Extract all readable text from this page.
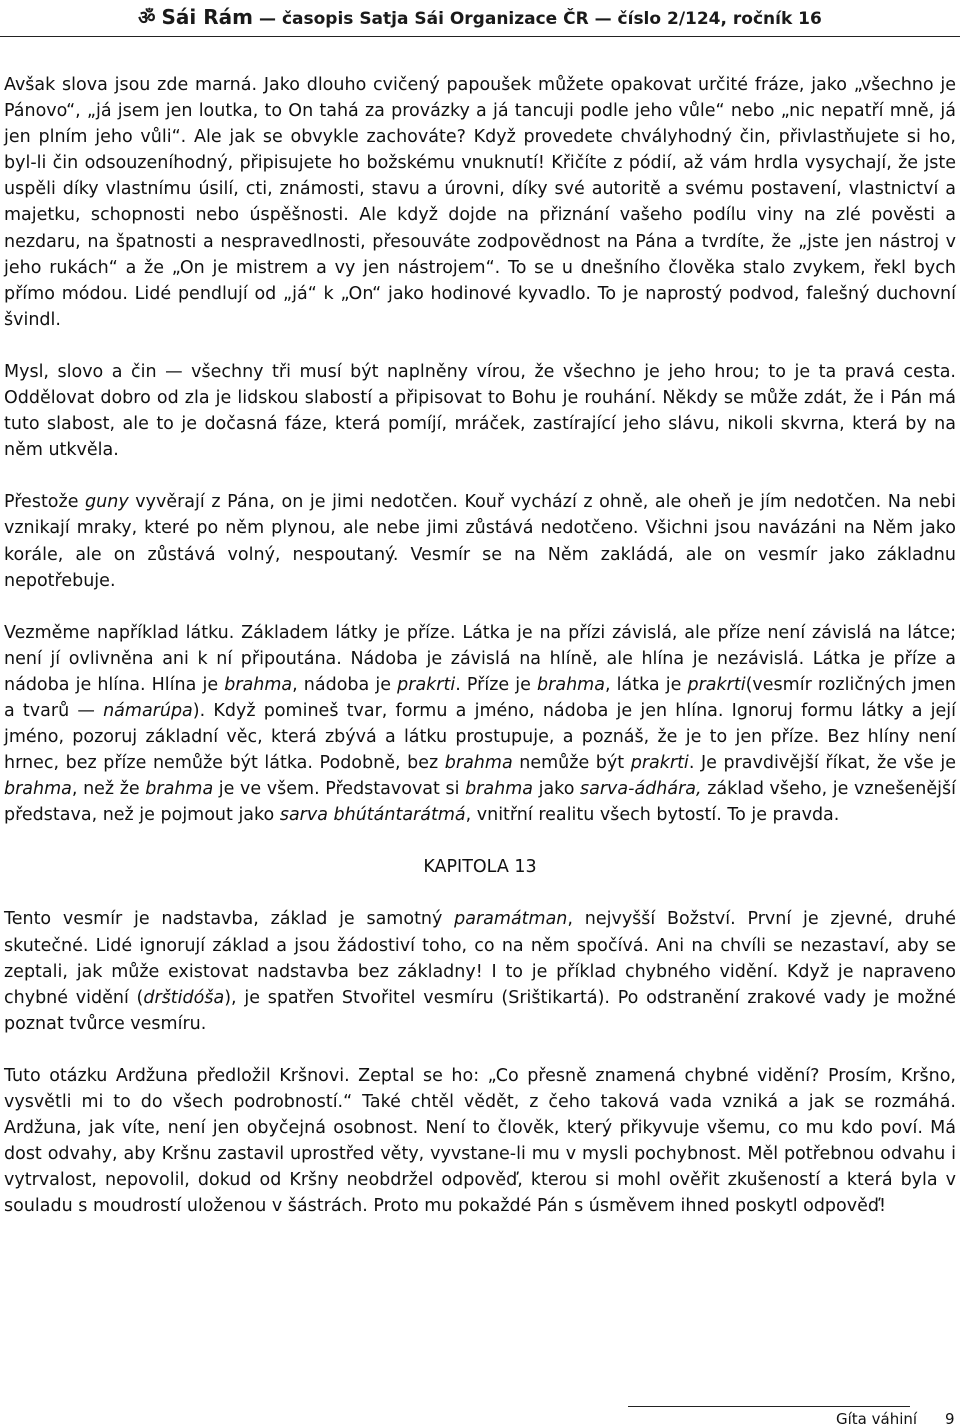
ॐ Sái Rám — časopis Satja Sái Organizace ČR — číslo 2/124, ročník 16

Avšak slova jsou zde marná. Jako dlouho cvičený papoušek můžete opakovat určité fráze, jako „všechno je Pánovo“, „já jsem jen loutka, to On tahá za provázky a já tancuji podle jeho vůle“ nebo „nic nepatří mně, já jen plním jeho vůli“. Ale jak se obvykle zachováte? Když provedete chvályhodný čin, přivlastňujete si ho, byl-li čin odsouzeníhodný, připisujete ho božskému vnuknutí! Křičíte z pódií, až vám hrdla vysychají, že jste uspěli díky vlastnímu úsilí, cti, známosti, stavu a úrovni, díky své autoritě a svému postavení, vlastnictví a majetku, schopnosti nebo úspěšnosti. Ale když dojde na přiznání vašeho podílu viny na zlé pověsti a nezdaru, na špatnosti a nespravedlnosti, přesouváte zodpovědnost na Pána a tvrdíte, že „jste jen nástroj v jeho rukách“ a že „On je mistrem a vy jen nástrojem“. To se u dnešního člověka stalo zvykem, řekl bych přímo módou. Lidé pendlují od „já“ k „On“ jako hodinové kyvadlo. To je naprostý podvod, falešný duchovní švindl.

Mysl, slovo a čin — všechny tři musí být naplněny vírou, že všechno je jeho hrou; to je ta pravá cesta. Oddělovat dobro od zla je lidskou slabostí a připisovat to Bohu je rouhání. Někdy se může zdát, že i Pán má tuto slabost, ale to je dočasná fáze, která pomíjí, mráček, zastírající jeho slávu, nikoli skvrna, která by na něm utkvěla.

Přestože guny vyvěrají z Pána, on je jimi nedotčen. Kouř vychází z ohně, ale oheň je jím nedotčen. Na nebi vznikají mraky, které po něm plynou, ale nebe jimi zůstává nedotčeno. Všichni jsou navázáni na Něm jako korále, ale on zůstává volný, nespoutaný. Vesmír se na Něm zakládá, ale on vesmír jako základnu nepotřebuje.

Vezměme například látku. Základem látky je příze. Látka je na přízi závislá, ale příze není závislá na látce; není jí ovlivněna ani k ní připoutána. Nádoba je závislá na hlíně, ale hlína je nezávislá. Látka je příze a nádoba je hlína. Hlína je brahma, nádoba je prakrti. Příze je brahma, látka je prakrti(vesmír rozličných jmen a tvarů — námarúpa). Když pomineš tvar, formu a jméno, nádoba je jen hlína. Ignoruj formu látky a její jméno, pozoruj základní věc, která zbývá a látku prostupuje, a poznáš, že je to jen příze. Bez hlíny není hrnec, bez příze nemůže být látka. Podobně, bez brahma nemůže být prakrti. Je pravdivější říkat, že vše je brahma, než že brahma je ve všem. Představovat si brahma jako sarva-ádhára, základ všeho, je vznešenější představa, než je pojmout jako sarva bhútántarátmá, vnitřní realitu všech bytostí. To je pravda.

KAPITOLA 13

Tento vesmír je nadstavba, základ je samotný paramátman, nejvyšší Božství. První je zjevné, druhé skutečné. Lidé ignorují základ a jsou žádostiví toho, co na něm spočívá. Ani na chvíli se nezastaví, aby se zeptali, jak může existovat nadstavba bez základny! I to je příklad chybného vidění. Když je napraveno chybné vidění (drštidóša), je spatřen Stvořitel vesmíru (Srištikartá). Po odstranění zrakové vady je možné poznat tvůrce vesmíru.

Tuto otázku Ardžuna předložil Kršnovi. Zeptal se ho: „Co přesně znamená chybné vidění? Prosím, Kršno, vysvětli mi to do všech podrobností.“ Také chtěl vědět, z čeho taková vada vzniká a jak se rozmáhá. Ardžuna, jak víte, není jen obyčejná osobnost. Není to člověk, který přikyvuje všemu, co mu kdo poví. Má dost odvahy, aby Kršnu zastavil uprostřed věty, vyvstane-li mu v mysli pochybnost. Měl potřebnou odvahu i vytrvalost, nepovolil, dokud od Kršny neobdržel odpověď, kterou si mohl ověřit zkušeností a která byla v souladu s moudrostí uloženou v šástrách. Proto mu pokaždé Pán s úsměvem ihned poskytl odpověď!

Gíta váhiní 9
